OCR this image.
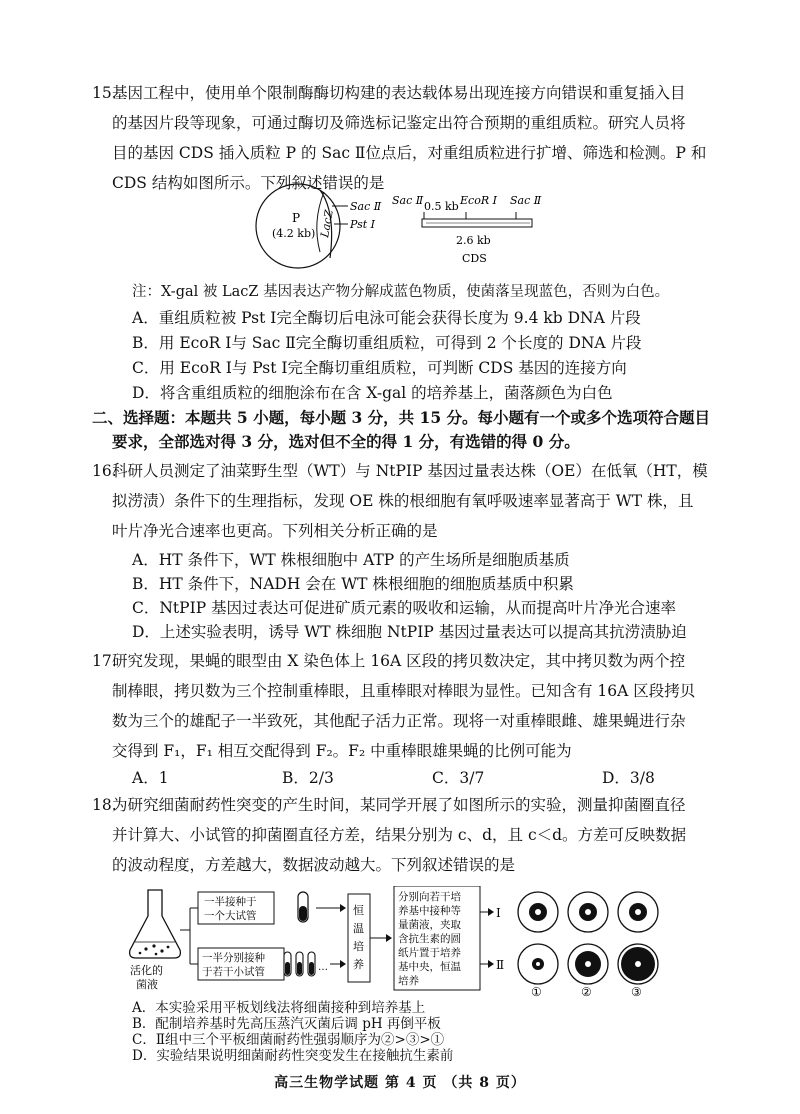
15.
基因工程中，使用单个限制酶酶切构建的表达载体易出现连接方向错误和重复插入目
的基因片段等现象，可通过酶切及筛选标记鉴定出符合预期的重组质粒。研究人员将
目的基因 CDS 插入质粒 P 的 Sac Ⅱ位点后，对重组质粒进行扩增、筛选和检测。P 和
CDS 结构如图所示。下列叙述错误的是
P
(4.2 kb) LacZ
Sac Ⅱ
Pst Ⅰ
Sac Ⅱ 0.5 kb EcoR Ⅰ Sac Ⅱ
2.6 kb
CDS
注：X-gal 被 LacZ 基因表达产物分解成蓝色物质，使菌落呈现蓝色，否则为白色。
A．重组质粒被 Pst Ⅰ完全酶切后电泳可能会获得长度为 9.4 kb DNA 片段
B．用 EcoR Ⅰ与 Sac Ⅱ完全酶切重组质粒，可得到 2 个长度的 DNA 片段
C．用 EcoR Ⅰ与 Pst Ⅰ完全酶切重组质粒，可判断 CDS 基因的连接方向
D．将含重组质粒的细胞涂布在含 X-gal 的培养基上，菌落颜色为白色
二、选择题：本题共 5 小题，每小题 3 分，共 15 分。每小题有一个或多个选项符合题目
要求，全部选对得 3 分，选对但不全的得 1 分，有选错的得 0 分。
16.
科研人员测定了油菜野生型（WT）与 NtPIP 基因过量表达株（OE）在低氧（HT，模
拟涝渍）条件下的生理指标，发现 OE 株的根细胞有氧呼吸速率显著高于 WT 株，且
叶片净光合速率也更高。下列相关分析正确的是
A．HT 条件下，WT 株根细胞中 ATP 的产生场所是细胞质基质
B．HT 条件下，NADH 会在 WT 株根细胞的细胞质基质中积累
C．NtPIP 基因过表达可促进矿质元素的吸收和运输，从而提高叶片净光合速率
D．上述实验表明，诱导 WT 株细胞 NtPIP 基因过量表达可以提高其抗涝渍胁迫
17.
研究发现，果蝇的眼型由 X 染色体上 16A 区段的拷贝数决定，其中拷贝数为两个控
制棒眼，拷贝数为三个控制重棒眼，且重棒眼对棒眼为显性。已知含有 16A 区段拷贝
数为三个的雄配子一半致死，其他配子活力正常。现将一对重棒眼雌、雄果蝇进行杂
交得到 F₁，F₁ 相互交配得到 F₂。F₂ 中重棒眼雄果蝇的比例可能为
A．1	B．2/3	C．3/7	D．3/8
18.
为研究细菌耐药性突变的产生时间，某同学开展了如图所示的实验，测量抑菌圈直径
并计算大、小试管的抑菌圈直径方差，结果分别为 c、d，且 c＜d。方差可反映数据
的波动程度，方差越大，数据波动越大。下列叙述错误的是
活化的
菌液
一半接种于
一个大试管
一半分别接种
于若干小试管	…
恒
温
培
养
分别向若干培
养基中接种等
量菌液，夹取
含抗生素的圆
纸片置于培养
基中央，恒温
培养
Ⅰ
Ⅱ
①	②	③
A．本实验采用平板划线法将细菌接种到培养基上
高三生物学试题 第 4 页 （共 8 页）
B．配制培养基时先高压蒸汽灭菌后调 pH 再倒平板
C．Ⅱ组中三个平板细菌耐药性强弱顺序为②>③>①
D．实验结果说明细菌耐药性突变发生在接触抗生素前
